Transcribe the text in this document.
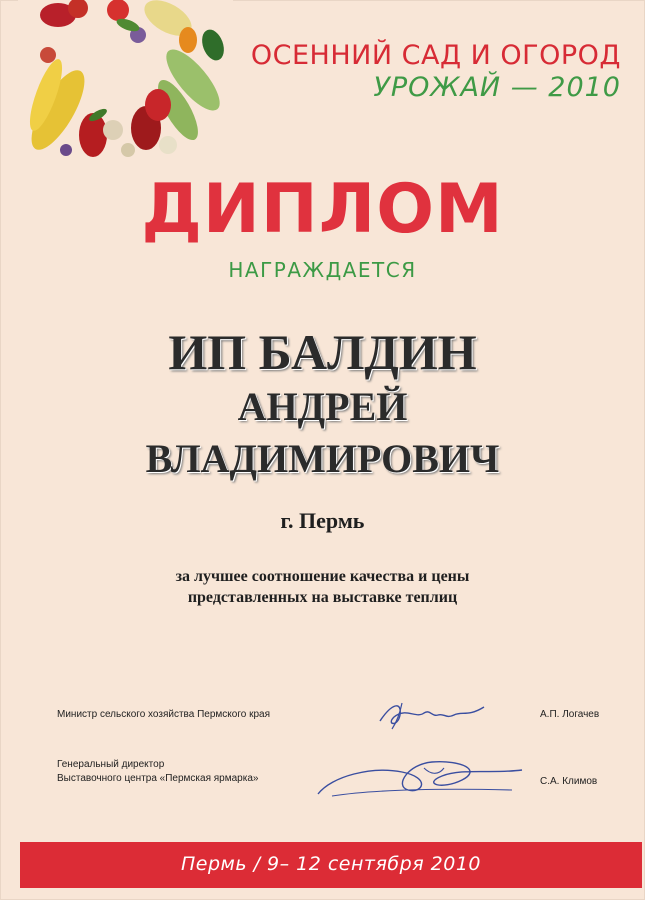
ОСЕННИЙ САД И ОГОРОД
УРОЖАЙ — 2010
ДИПЛОМ
НАГРАЖДАЕТСЯ
ИП БАЛДИН
АНДРЕЙ
ВЛАДИМИРОВИЧ
г. Пермь
за лучшее соотношение качества и цены
представленных на выставке теплиц
Министр сельского хозяйства Пермского края	А.П. Логачев
Генеральный директор
Выставочного центра «Пермская ярмарка»	С.А. Климов
Пермь / 9– 12 сентября 2010
